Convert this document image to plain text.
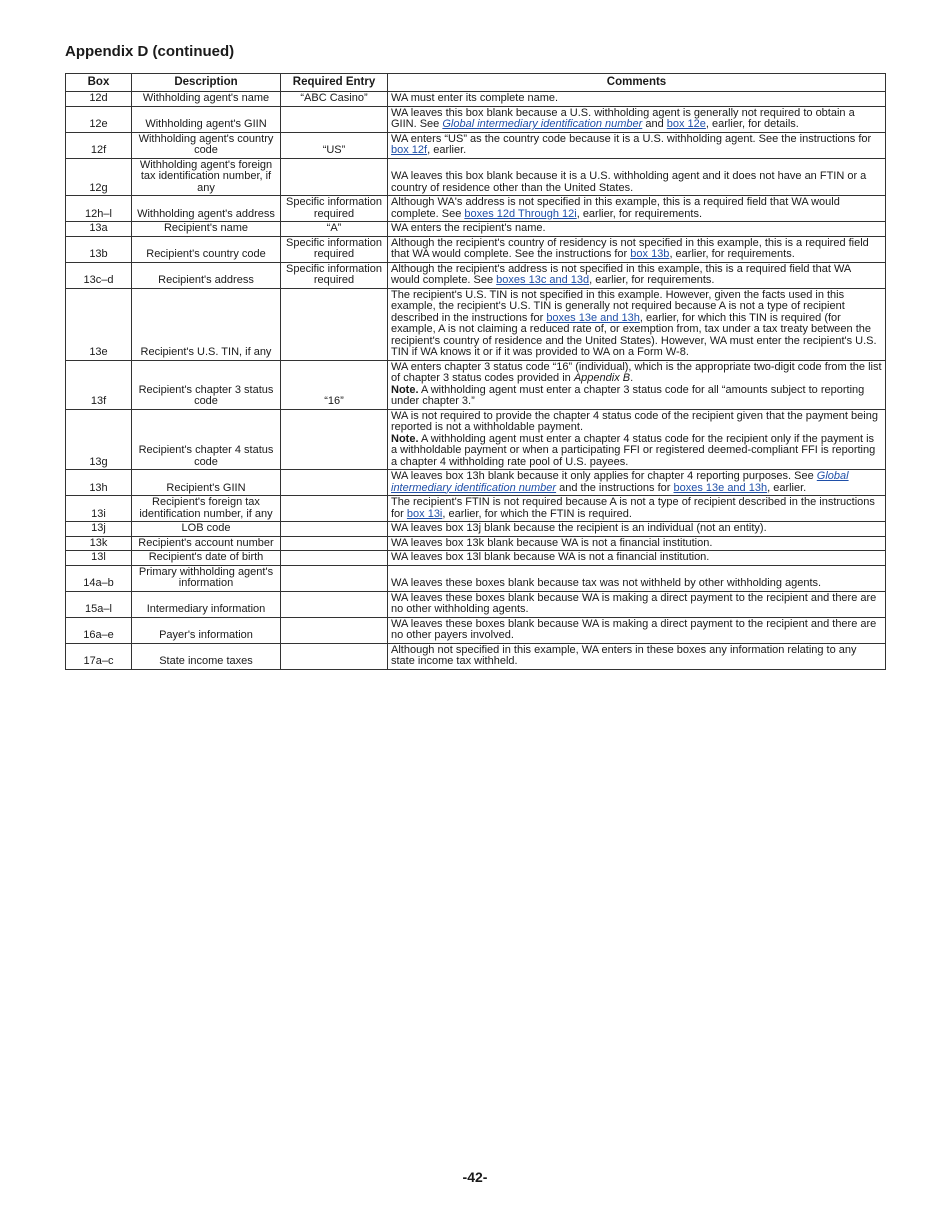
Appendix D (continued)
Box	Description	Required Entry	Comments
12d	Withholding agent's name	“ABC Casino”	WA must enter its complete name.
12e	Withholding agent's GIIN		WA leaves this box blank because a U.S. withholding agent is generally not required to obtain a GIIN. See Global intermediary identification number and box 12e, earlier, for details.
12f	Withholding agent's country code	“US”	WA enters “US” as the country code because it is a U.S. withholding agent. See the instructions for box 12f, earlier.
12g	Withholding agent's foreign tax identification number, if any		WA leaves this box blank because it is a U.S. withholding agent and it does not have an FTIN or a country of residence other than the United States.
12h–l	Withholding agent's address	Specific information required	Although WA's address is not specified in this example, this is a required field that WA would complete. See boxes 12d Through 12i, earlier, for requirements.
13a	Recipient's name	“A”	WA enters the recipient's name.
13b	Recipient's country code	Specific information required	Although the recipient's country of residency is not specified in this example, this is a required field that WA would complete. See the instructions for box 13b, earlier, for requirements.
13c–d	Recipient's address	Specific information required	Although the recipient's address is not specified in this example, this is a required field that WA would complete. See boxes 13c and 13d, earlier, for requirements.
13e	Recipient's U.S. TIN, if any		The recipient's U.S. TIN is not specified in this example. However, given the facts used in this example, the recipient's U.S. TIN is generally not required because A is not a type of recipient described in the instructions for boxes 13e and 13h, earlier, for which this TIN is required (for example, A is not claiming a reduced rate of, or exemption from, tax under a tax treaty between the recipient's country of residence and the United States). However, WA must enter the recipient's U.S. TIN if WA knows it or if it was provided to WA on a Form W-8.
13f	Recipient's chapter 3 status code	“16”	WA enters chapter 3 status code “16” (individual), which is the appropriate two-digit code from the list of chapter 3 status codes provided in Appendix B.
Note. A withholding agent must enter a chapter 3 status code for all “amounts subject to reporting under chapter 3.”
13g	Recipient's chapter 4 status code		WA is not required to provide the chapter 4 status code of the recipient given that the payment being reported is not a withholdable payment.
Note. A withholding agent must enter a chapter 4 status code for the recipient only if the payment is a withholdable payment or when a participating FFI or registered deemed-compliant FFI is reporting a chapter 4 withholding rate pool of U.S. payees.
13h	Recipient's GIIN		WA leaves box 13h blank because it only applies for chapter 4 reporting purposes. See Global intermediary identification number and the instructions for boxes 13e and 13h, earlier.
13i	Recipient's foreign tax identification number, if any		The recipient's FTIN is not required because A is not a type of recipient described in the instructions for box 13i, earlier, for which the FTIN is required.
13j	LOB code		WA leaves box 13j blank because the recipient is an individual (not an entity).
13k	Recipient's account number		WA leaves box 13k blank because WA is not a financial institution.
13l	Recipient's date of birth		WA leaves box 13l blank because WA is not a financial institution.
14a–b	Primary withholding agent's information		WA leaves these boxes blank because tax was not withheld by other withholding agents.
15a–l	Intermediary information		WA leaves these boxes blank because WA is making a direct payment to the recipient and there are no other withholding agents.
16a–e	Payer's information		WA leaves these boxes blank because WA is making a direct payment to the recipient and there are no other payers involved.
17a–c	State income taxes		Although not specified in this example, WA enters in these boxes any information relating to any state income tax withheld.
-42-
